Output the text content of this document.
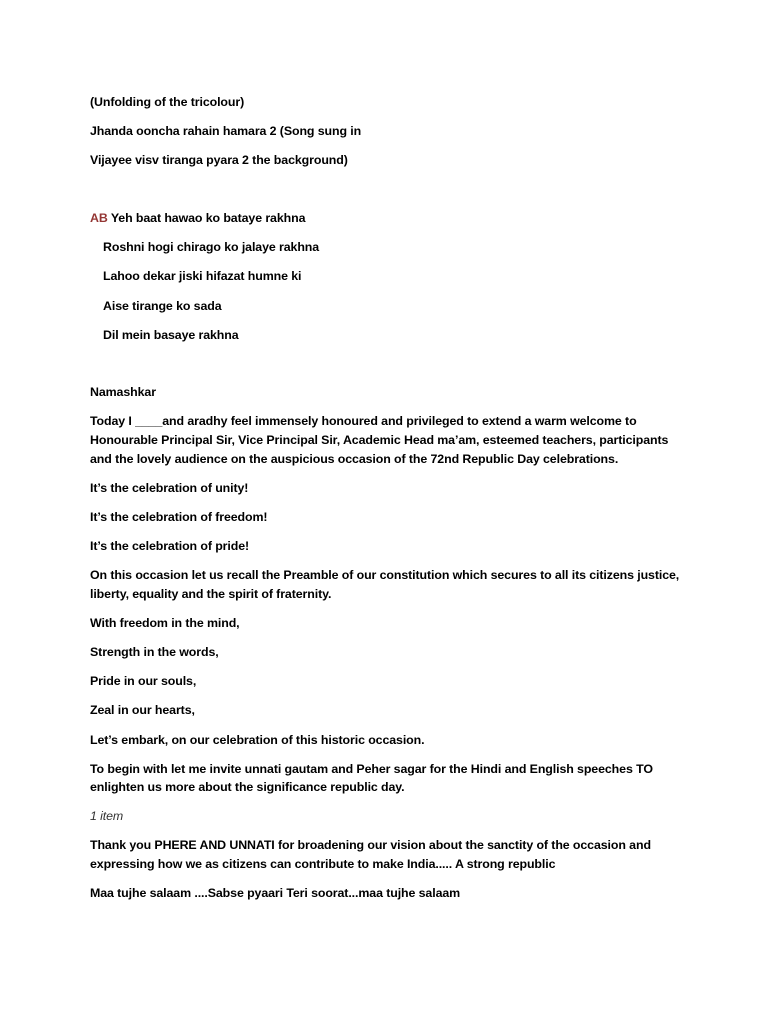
(Unfolding of the tricolour)

Jhanda ooncha rahain hamara 2 (Song sung in

Vijayee visv tiranga pyara 2 the background)

AB Yeh baat hawao ko bataye rakhna

Roshni hogi chirago ko jalaye rakhna

Lahoo dekar jiski hifazat humne ki

Aise tirange ko sada

Dil mein basaye rakhna

Namashkar

Today I ____and aradhy feel immensely honoured and privileged to extend a warm welcome to

Honourable Principal Sir, Vice Principal Sir, Academic Head ma’am, esteemed teachers, participants

and the lovely audience on the auspicious occasion of the 72nd Republic Day celebrations.

It’s the celebration of unity!

It’s the celebration of freedom!

It’s the celebration of pride!

On this occasion let us recall the Preamble of our constitution which secures to all its citizens justice,

liberty, equality and the spirit of fraternity.

With freedom in the mind,

Strength in the words,

Pride in our souls,

Zeal in our hearts,

Let’s embark, on our celebration of this historic occasion.

To begin with let me invite unnati gautam and Peher sagar for the Hindi and English speeches TO

enlighten us more about the significance republic day.

1 item

Thank you PHERE AND UNNATI for broadening our vision about the sanctity of the occasion and

expressing how we as citizens can contribute to make India..... A strong republic

Maa tujhe salaam ....Sabse pyaari Teri soorat...maa tujhe salaam
